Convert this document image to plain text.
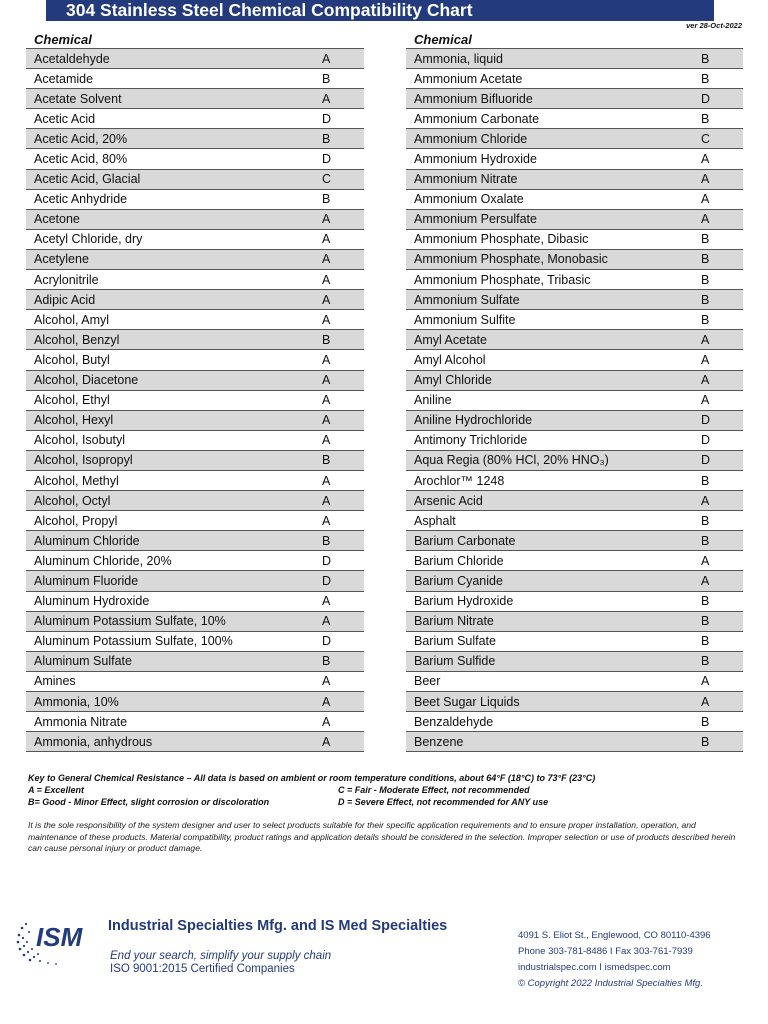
304 Stainless Steel Chemical Compatibility Chart
ver 28-Oct-2022
Chemical
Acetaldehyde	A
Acetamide	B
Acetate Solvent	A
Acetic Acid	D
Acetic Acid, 20%	B
Acetic Acid, 80%	D
Acetic Acid, Glacial	C
Acetic Anhydride	B
Acetone	A
Acetyl Chloride, dry	A
Acetylene	A
Acrylonitrile	A
Adipic Acid	A
Alcohol, Amyl	A
Alcohol, Benzyl	B
Alcohol, Butyl	A
Alcohol, Diacetone	A
Alcohol, Ethyl	A
Alcohol, Hexyl	A
Alcohol, Isobutyl	A
Alcohol, Isopropyl	B
Alcohol, Methyl	A
Alcohol, Octyl	A
Alcohol, Propyl	A
Aluminum Chloride	B
Aluminum Chloride, 20%	D
Aluminum Fluoride	D
Aluminum Hydroxide	A
Aluminum Potassium Sulfate, 10%	A
Aluminum Potassium Sulfate, 100%	D
Aluminum Sulfate	B
Amines	A
Ammonia, 10%	A
Ammonia Nitrate	A
Ammonia, anhydrous	A
Chemical
Ammonia, liquid	B
Ammonium Acetate	B
Ammonium Bifluoride	D
Ammonium Carbonate	B
Ammonium Chloride	C
Ammonium Hydroxide	A
Ammonium Nitrate	A
Ammonium Oxalate	A
Ammonium Persulfate	A
Ammonium Phosphate, Dibasic	B
Ammonium Phosphate, Monobasic	B
Ammonium Phosphate, Tribasic	B
Ammonium Sulfate	B
Ammonium Sulfite	B
Amyl Acetate	A
Amyl Alcohol	A
Amyl Chloride	A
Aniline	A
Aniline Hydrochloride	D
Antimony Trichloride	D
Aqua Regia (80% HCl, 20% HNO₃)	D
Arochlor™ 1248	B
Arsenic Acid	A
Asphalt	B
Barium Carbonate	B
Barium Chloride	A
Barium Cyanide	A
Barium Hydroxide	B
Barium Nitrate	B
Barium Sulfate	B
Barium Sulfide	B
Beer	A
Beet Sugar Liquids	A
Benzaldehyde	B
Benzene	B
Key to General Chemical Resistance – All data is based on ambient or room temperature conditions, about 64°F (18°C) to 73°F (23°C)
A = Excellent	C = Fair - Moderate Effect, not recommended
B= Good - Minor Effect, slight corrosion or discoloration	D = Severe Effect, not recommended for ANY use
It is the sole responsibility of the system designer and user to select products suitable for their specific application requirements and to ensure proper installation, operation, and maintenance of these products. Material compatibility, product ratings and application details should be considered in the selection. Improper selection or use of products described herein can cause personal injury or product damage.
ISM Industrial Specialties Mfg. and IS Med Specialties
End your search, simplify your supply chain
ISO 9001:2015 Certified Companies
4091 S. Eliot St., Englewood, CO 80110-4396
Phone 303-781-8486 I Fax 303-761-7939
industrialspec.com I ismedspec.com
© Copyright 2022 Industrial Specialties Mfg.
